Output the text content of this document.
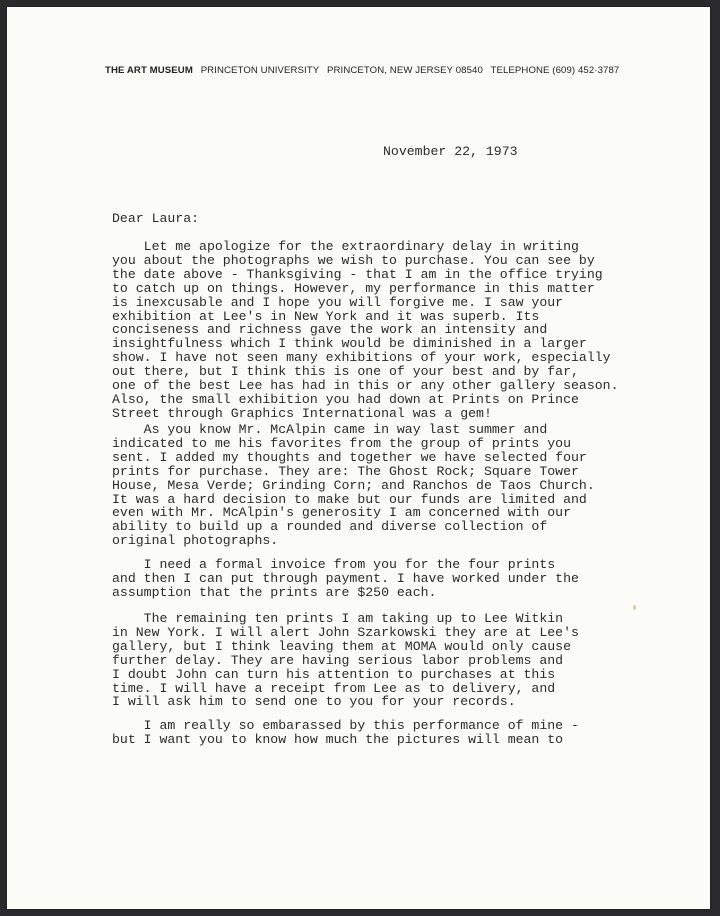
THE ART MUSEUM PRINCETON UNIVERSITY PRINCETON, NEW JERSEY 08540 TELEPHONE (609) 452·3787
November 22, 1973
Dear Laura:
Let me apologize for the extraordinary delay in writing
you about the photographs we wish to purchase. You can see by
the date above - Thanksgiving - that I am in the office trying
to catch up on things. However, my performance in this matter
is inexcusable and I hope you will forgive me. I saw your
exhibition at Lee's in New York and it was superb. Its
conciseness and richness gave the work an intensity and
insightfulness which I think would be diminished in a larger
show. I have not seen many exhibitions of your work, especially
out there, but I think this is one of your best and by far,
one of the best Lee has had in this or any other gallery season.
Also, the small exhibition you had down at Prints on Prince
Street through Graphics International was a gem!
As you know Mr. McAlpin came in way last summer and
indicated to me his favorites from the group of prints you
sent. I added my thoughts and together we have selected four
prints for purchase. They are: The Ghost Rock; Square Tower
House, Mesa Verde; Grinding Corn; and Ranchos de Taos Church.
It was a hard decision to make but our funds are limited and
even with Mr. McAlpin's generosity I am concerned with our
ability to build up a rounded and diverse collection of
original photographs.
I need a formal invoice from you for the four prints
and then I can put through payment. I have worked under the
assumption that the prints are $250 each.
The remaining ten prints I am taking up to Lee Witkin
in New York. I will alert John Szarkowski they are at Lee's
gallery, but I think leaving them at MOMA would only cause
further delay. They are having serious labor problems and
I doubt John can turn his attention to purchases at this
time. I will have a receipt from Lee as to delivery, and
I will ask him to send one to you for your records.
I am really so embarassed by this performance of mine -
but I want you to know how much the pictures will mean to
